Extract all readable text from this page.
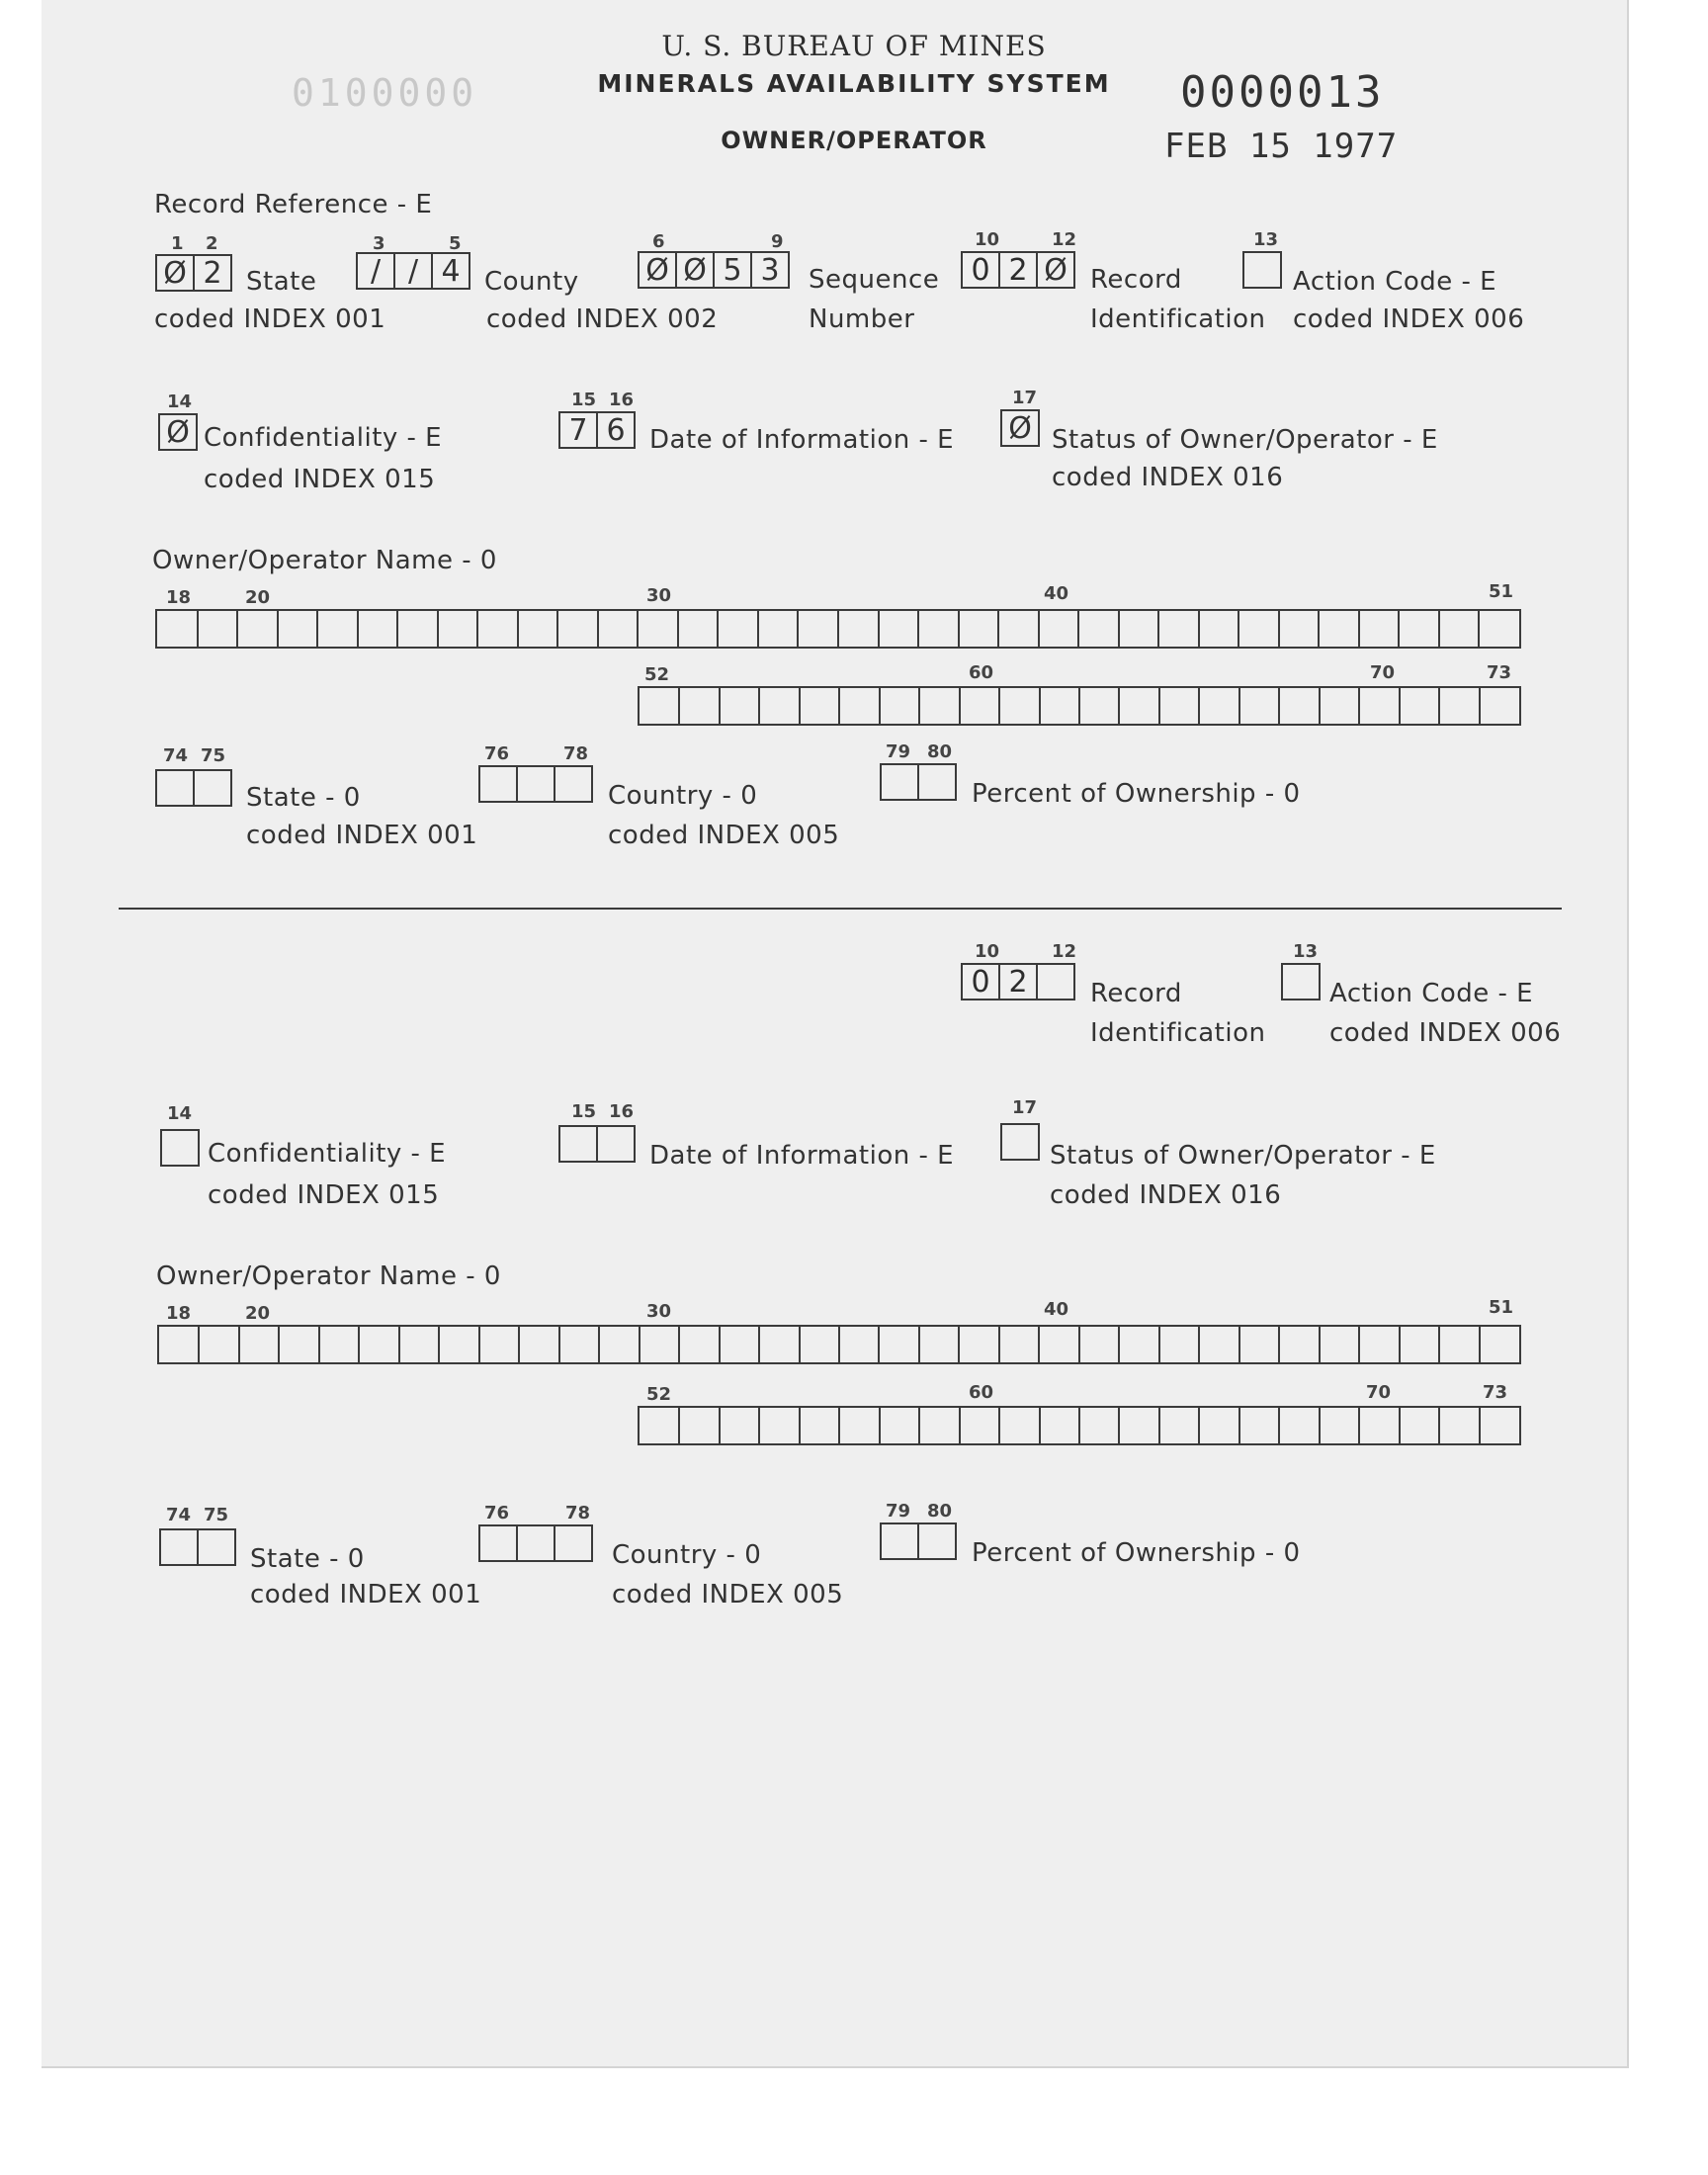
U. S. BUREAU OF MINES
MINERALS AVAILABILITY SYSTEM
OWNER/OPERATOR
0100000	0000013
FEB 15 1977
Record Reference - E
1 2
Ø 2 State
coded INDEX 001
3	5
/ / 4 County
coded INDEX 002
6	9
Ø Ø 5 3	Sequence
Number
10	12
0 2 Ø Record
Identification
13
Action Code - E
coded INDEX 006
14
Ø Confidentiality - E
coded INDEX 015
15 16
7 6 Date of Information - E
17
Ø Status of Owner/Operator - E
coded INDEX 016
Owner/Operator Name - 0
18	20	30	40	51
52	60	70	73
74 75
State - 0
coded INDEX 001
76	78
Country - 0
coded INDEX 005
79 80
Percent of Ownership - 0
10	12
0 2	Record
Identification
13
Action Code - E
coded INDEX 006
14
Confidentiality - E
coded INDEX 015
15 16
Date of Information - E
17
Status of Owner/Operator - E
coded INDEX 016
Owner/Operator Name - 0
18	20	30	40	51
52	60	70	73
74 75
State - 0
coded INDEX 001
76	78
Country - 0
coded INDEX 005
79 80
Percent of Ownership - 0
